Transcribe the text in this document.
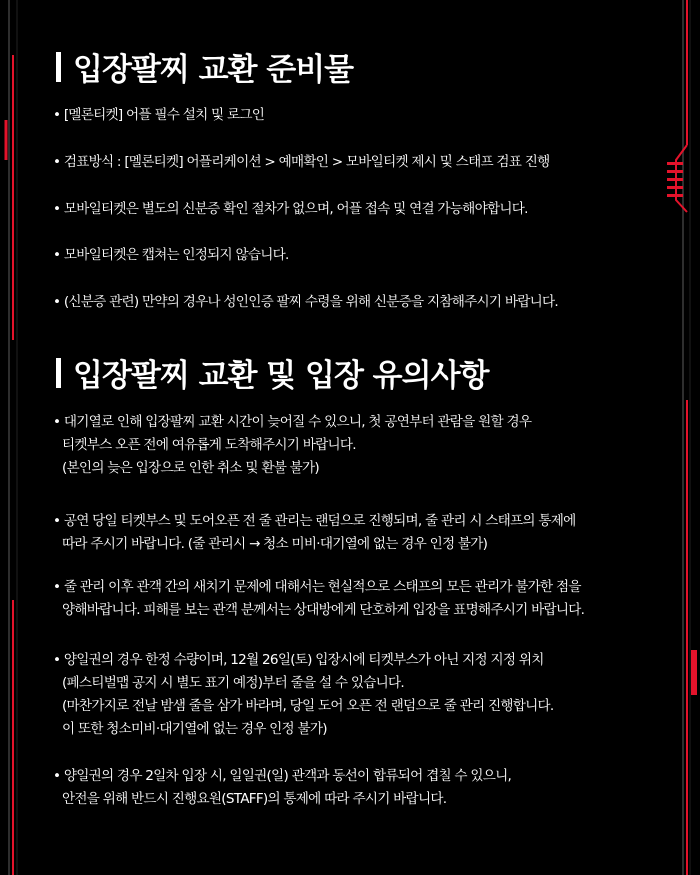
입장팔찌 교환 준비물
• [멜론티켓] 어플 필수 설치 및 로그인
• 검표방식 : [멜론티켓] 어플리케이션 > 예매확인 > 모바일티켓 제시 및 스태프 검표 진행
• 모바일티켓은 별도의 신분증 확인 절차가 없으며, 어플 접속 및 연결 가능해야합니다.
• 모바일티켓은 캡쳐는 인정되지 않습니다.
• (신분증 관련) 만약의 경우나 성인인증 팔찌 수령을 위해 신분증을 지참해주시기 바랍니다.
입장팔찌 교환 및 입장 유의사항
• 대기열로 인해 입장팔찌 교환 시간이 늦어질 수 있으니, 첫 공연부터 관람을 원할 경우
티켓부스 오픈 전에 여유롭게 도착해주시기 바랍니다.
(본인의 늦은 입장으로 인한 취소 및 환불 불가)
• 공연 당일 티켓부스 및 도어오픈 전 줄 관리는 랜덤으로 진행되며, 줄 관리 시 스태프의 통제에
따라 주시기 바랍니다. (줄 관리시 → 청소 미비·대기열에 없는 경우 인정 불가)
• 줄 관리 이후 관객 간의 새치기 문제에 대해서는 현실적으로 스태프의 모든 관리가 불가한 점을
양해바랍니다. 피해를 보는 관객 분께서는 상대방에게 단호하게 입장을 표명해주시기 바랍니다.
• 양일권의 경우 한정 수량이며, 12월 26일(토) 입장시에 티켓부스가 아닌 지정 지정 위치
(페스티벌맵 공지 시 별도 표기 예정)부터 줄을 설 수 있습니다.
(마찬가지로 전날 밤샘 줄을 삼가 바라며, 당일 도어 오픈 전 랜덤으로 줄 관리 진행합니다.
이 또한 청소미비·대기열에 없는 경우 인정 불가)
• 양일권의 경우 2일차 입장 시, 일일권(일) 관객과 동선이 합류되어 겹칠 수 있으니,
안전을 위해 반드시 진행요원(STAFF)의 통제에 따라 주시기 바랍니다.
